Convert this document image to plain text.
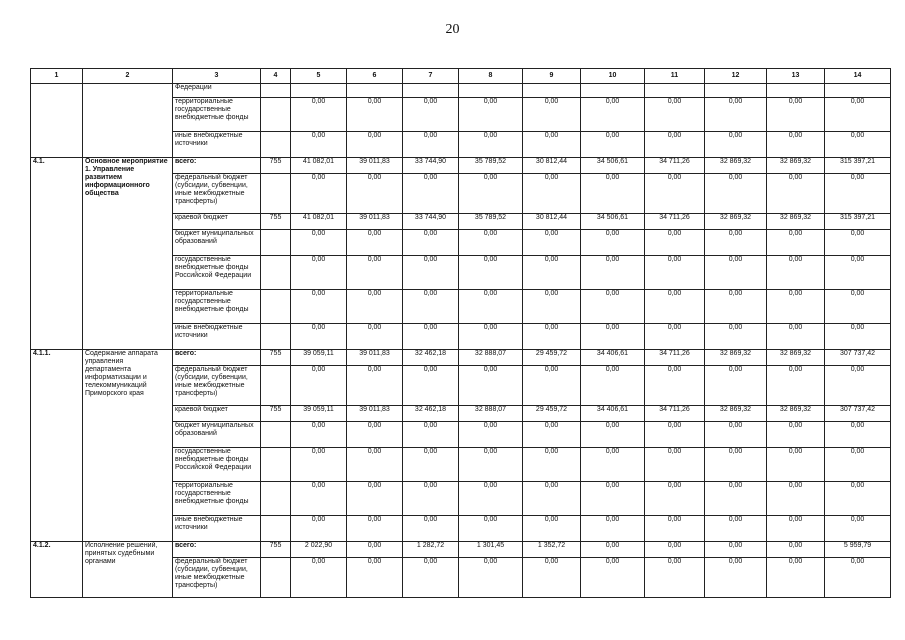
20
1	2	3	4	5	6	7	8	9	10	11	12	13	14
		Федерации											
		территориальные государственные внебюджетные фонды		0,00	0,00	0,00	0,00	0,00	0,00	0,00	0,00	0,00	0,00
		иные внебюджетные источники		0,00	0,00	0,00	0,00	0,00	0,00	0,00	0,00	0,00	0,00
4.1.	Основное мероприятие 1. Управление развитием информационного общества	всего:	755	41 082,01	39 011,83	33 744,90	35 789,52	30 812,44	34 506,61	34 711,26	32 869,32	32 869,32	315 397,21
		федеральный бюджет (субсидии, субвенции, иные межбюджетные трансферты)		0,00	0,00	0,00	0,00	0,00	0,00	0,00	0,00	0,00	0,00
		краевой бюджет	755	41 082,01	39 011,83	33 744,90	35 789,52	30 812,44	34 506,61	34 711,26	32 869,32	32 869,32	315 397,21
		бюджет муниципальных образований		0,00	0,00	0,00	0,00	0,00	0,00	0,00	0,00	0,00	0,00
		государственные внебюджетные фонды Российской Федерации		0,00	0,00	0,00	0,00	0,00	0,00	0,00	0,00	0,00	0,00
		территориальные государственные внебюджетные фонды		0,00	0,00	0,00	0,00	0,00	0,00	0,00	0,00	0,00	0,00
		иные внебюджетные источники		0,00	0,00	0,00	0,00	0,00	0,00	0,00	0,00	0,00	0,00
4.1.1.	Содержание аппарата управления департамента информатизации и телекоммуникаций Приморского края	всего:	755	39 059,11	39 011,83	32 462,18	32 888,07	29 459,72	34 406,61	34 711,26	32 869,32	32 869,32	307 737,42
		федеральный бюджет (субсидии, субвенции, иные межбюджетные трансферты)		0,00	0,00	0,00	0,00	0,00	0,00	0,00	0,00	0,00	0,00
		краевой бюджет	755	39 059,11	39 011,83	32 462,18	32 888,07	29 459,72	34 406,61	34 711,26	32 869,32	32 869,32	307 737,42
		бюджет муниципальных образований		0,00	0,00	0,00	0,00	0,00	0,00	0,00	0,00	0,00	0,00
		государственные внебюджетные фонды Российской Федерации		0,00	0,00	0,00	0,00	0,00	0,00	0,00	0,00	0,00	0,00
		территориальные государственные внебюджетные фонды		0,00	0,00	0,00	0,00	0,00	0,00	0,00	0,00	0,00	0,00
		иные внебюджетные источники		0,00	0,00	0,00	0,00	0,00	0,00	0,00	0,00	0,00	0,00
4.1.2.	Исполнение решений, принятых судебными органами	всего:	755	2 022,90	0,00	1 282,72	1 301,45	1 352,72	0,00	0,00	0,00	0,00	5 959,79
		федеральный бюджет (субсидии, субвенции, иные межбюджетные трансферты)		0,00	0,00	0,00	0,00	0,00	0,00	0,00	0,00	0,00	0,00
